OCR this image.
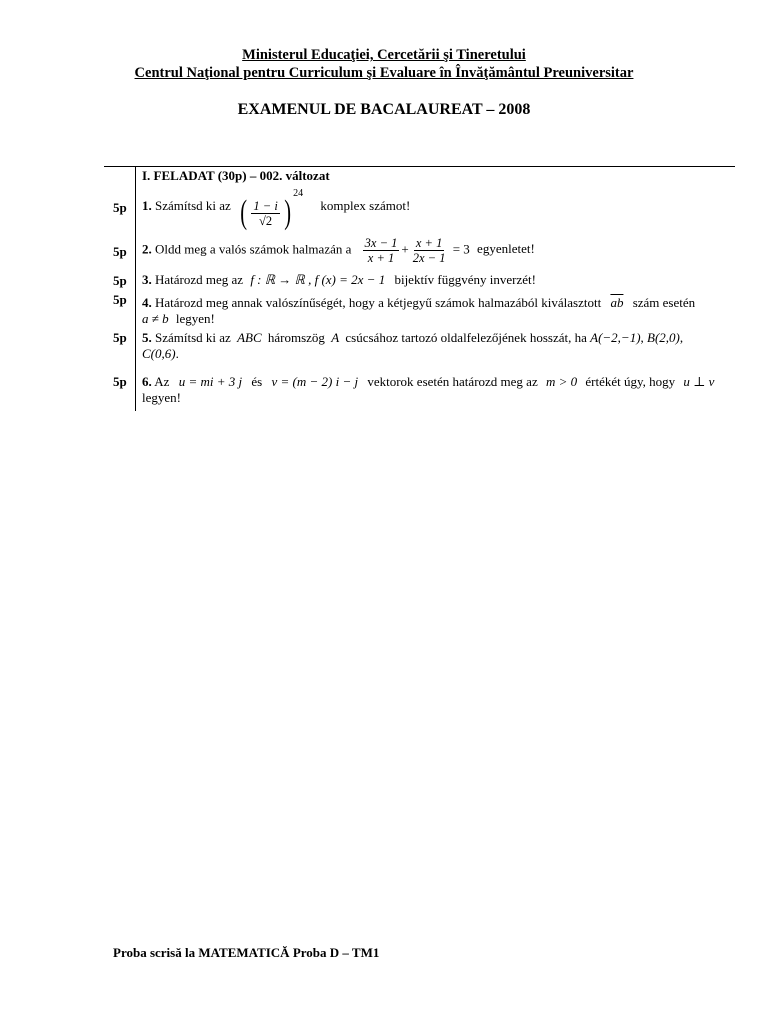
Ministerul Educaţiei, Cercetării şi Tineretului
Centrul Naţional pentru Curriculum şi Evaluare în Învăţământul Preuniversitar
EXAMENUL DE BACALAUREAT – 2008
I. FELADAT (30p) – 002. változat
5p 1. Számítsd ki az ( $\frac{1 - i}{√2} )^{24}$ komplex számot!
5p 2. Oldd meg a valós számok halmazán a $\frac{3x - 1}{x + 1} + \frac{x + 1}{2x - 1} = 3$ egyenletet!
5p 3. Határozd meg az f : ℝ → ℝ , f (x) = 2x − 1 bijektív függvény inverzét!
5p 4. Határozd meg annak valószínűségét, hogy a kétjegyű számok halmazából kiválasztott $\overline{ab}$ szám esetén
a ≠ b legyen!
5p 5. Számítsd ki az ABC háromszög A csúcsához tartozó oldalfelezőjének hosszát, ha A(−2,−1), B(2,0),
C(0,6).
5p 6. Az u = mi + 3 j és v = (m − 2) i − j vektorok esetén határozd meg az m > 0 értékét úgy, hogy u ⊥ v
legyen!
Proba scrisă la MATEMATICĂ Proba D – TM1
